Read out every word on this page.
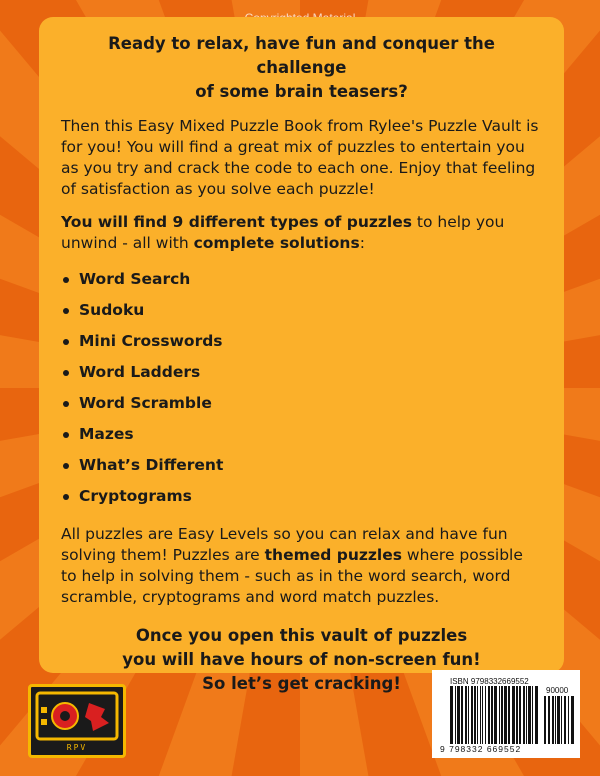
Ready to relax, have fun and conquer the challenge
of some brain teasers?
Then this Easy Mixed Puzzle Book from Rylee's Puzzle Vault is for you! You will find a great mix of puzzles to entertain you as you try and crack the code to each one. Enjoy that feeling of satisfaction as you solve each puzzle!
You will find 9 different types of puzzles to help you unwind - all with complete solutions:
Word Search
Sudoku
Mini Crosswords
Word Ladders
Word Scramble
Mazes
What’s Different
Cryptograms
All puzzles are Easy Levels so you can relax and have fun solving them! Puzzles are themed puzzles where possible to help in solving them - such as in the word search, word scramble, cryptograms and word match puzzles.
Once you open this vault of puzzles
you will have hours of non-screen fun!
So let’s get cracking!
RPV
ISBN 9798332669552
90000
9 798332 669552
